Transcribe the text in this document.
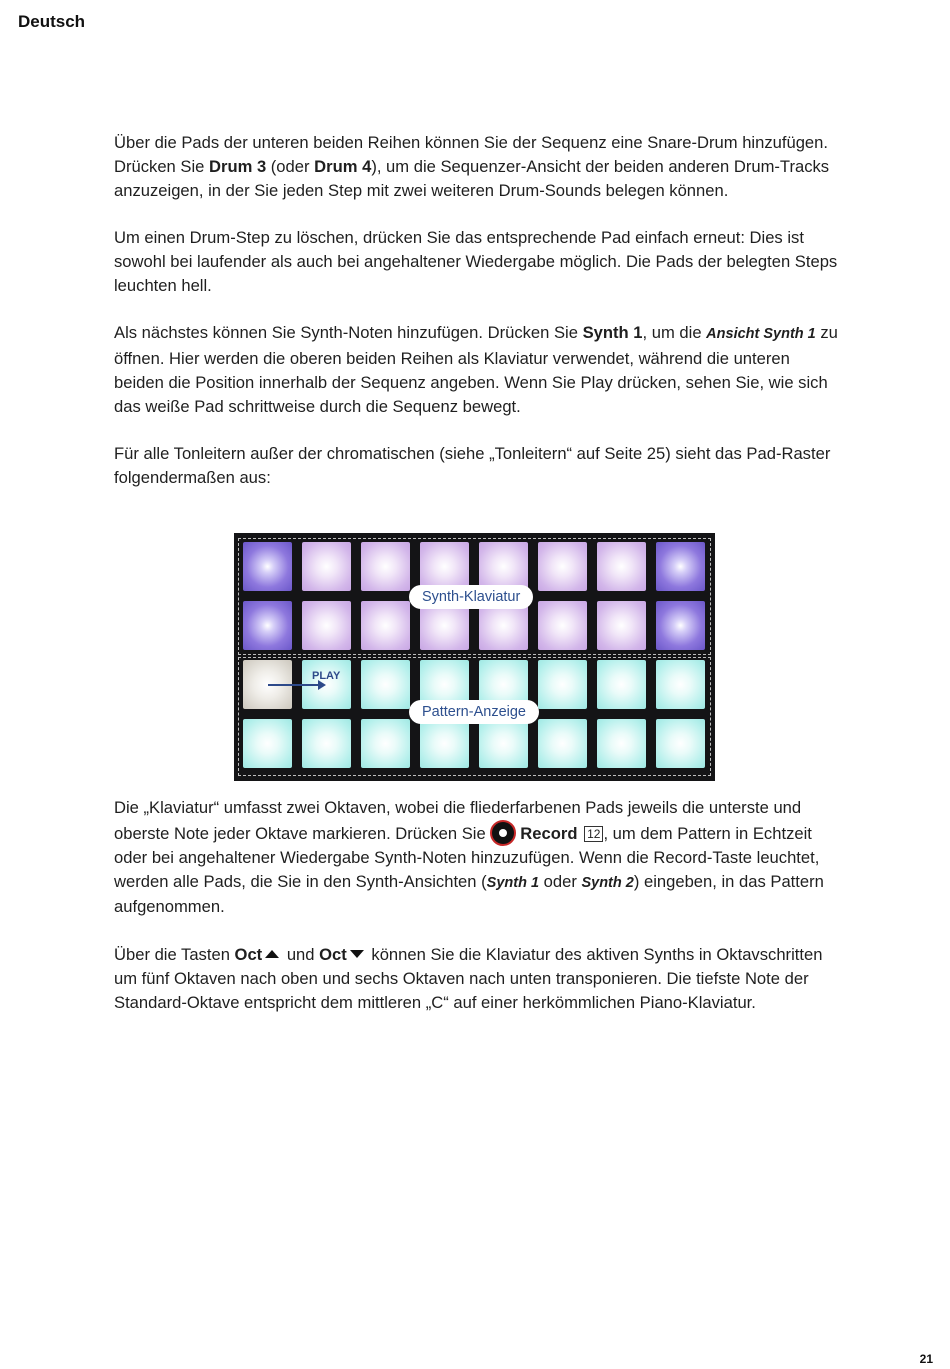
Deutsch

Über die Pads der unteren beiden Reihen können Sie der Sequenz eine Snare-Drum hinzufügen. Drücken Sie Drum 3 (oder Drum 4), um die Sequenzer-Ansicht der beiden anderen Drum-Tracks anzuzeigen, in der Sie jeden Step mit zwei weiteren Drum-Sounds belegen können.

Um einen Drum-Step zu löschen, drücken Sie das entsprechende Pad einfach erneut: Dies ist sowohl bei laufender als auch bei angehaltener Wiedergabe möglich. Die Pads der belegten Steps leuchten hell.

Als nächstes können Sie Synth-Noten hinzufügen. Drücken Sie Synth 1, um die Ansicht Synth 1 zu öffnen. Hier werden die oberen beiden Reihen als Klaviatur verwendet, während die unteren beiden die Position innerhalb der Sequenz angeben. Wenn Sie Play drücken, sehen Sie, wie sich das weiße Pad schrittweise durch die Sequenz bewegt.

Für alle Tonleitern außer der chromatischen (siehe „Tonleitern“ auf Seite 25) sieht das Pad-Raster folgendermaßen aus:

PLAY
Synth-Klaviatur
Pattern-Anzeige

Die „Klaviatur“ umfasst zwei Oktaven, wobei die fliederfarbenen Pads jeweils die unterste und oberste Note jeder Oktave markieren. Drücken Sie Record 12 , um dem Pattern in Echtzeit oder bei angehaltener Wiedergabe Synth-Noten hinzuzufügen. Wenn die Record-Taste leuchtet, werden alle Pads, die Sie in den Synth-Ansichten (Synth 1 oder Synth 2) eingeben, in das Pattern aufgenommen.

Über die Tasten Oct und Oct können Sie die Klaviatur des aktiven Synths in Oktavschritten um fünf Oktaven nach oben und sechs Oktaven nach unten transponieren. Die tiefste Note der Standard-Oktave entspricht dem mittleren „C“ auf einer herkömmlichen Piano-Klaviatur.

21
